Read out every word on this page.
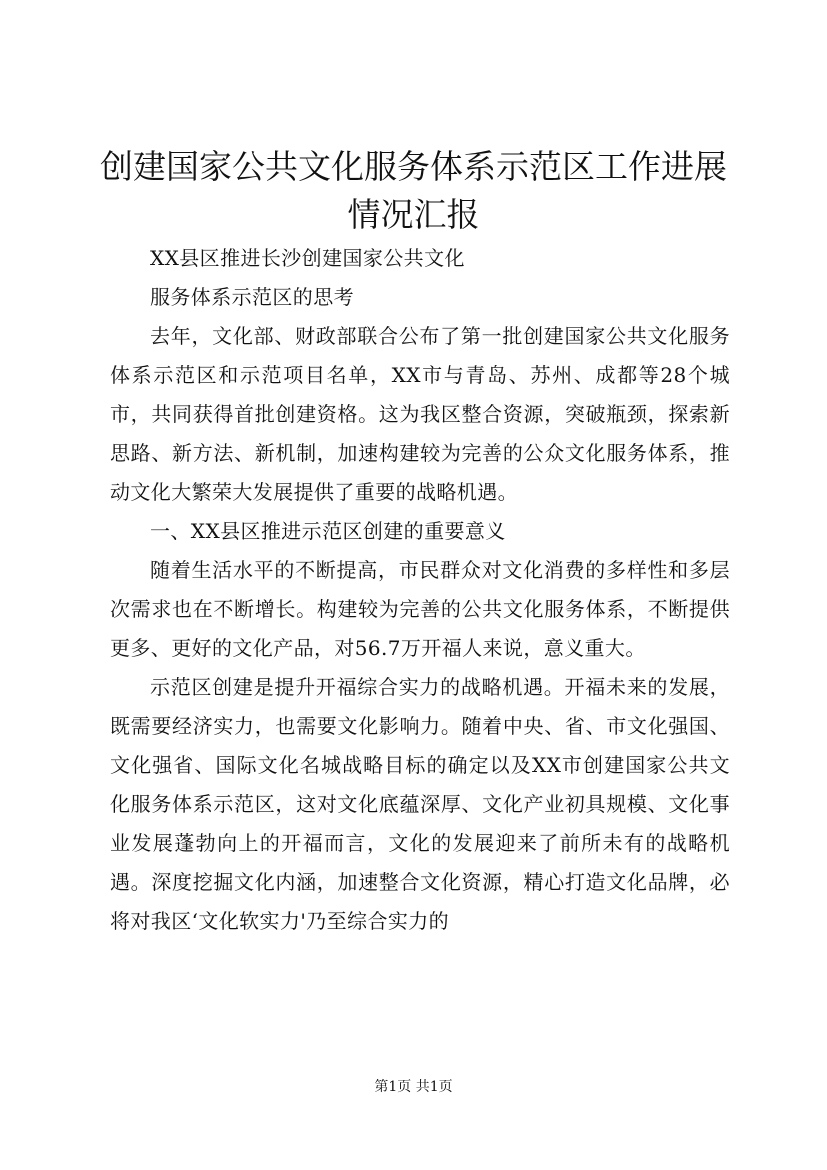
创建国家公共文化服务体系示范区工作进展情况汇报

XX县区推进长沙创建国家公共文化

服务体系示范区的思考

去年，文化部、财政部联合公布了第一批创建国家公共文化服务体系示范区和示范项目名单，XX市与青岛、苏州、成都等28个城市，共同获得首批创建资格。这为我区整合资源，突破瓶颈，探索新思路、新方法、新机制，加速构建较为完善的公众文化服务体系，推动文化大繁荣大发展提供了重要的战略机遇。

一、XX县区推进示范区创建的重要意义

随着生活水平的不断提高，市民群众对文化消费的多样性和多层次需求也在不断增长。构建较为完善的公共文化服务体系，不断提供更多、更好的文化产品，对56.7万开福人来说，意义重大。

示范区创建是提升开福综合实力的战略机遇。开福未来的发展，既需要经济实力，也需要文化影响力。随着中央、省、市文化强国、文化强省、国际文化名城战略目标的确定以及XX市创建国家公共文化服务体系示范区，这对文化底蕴深厚、文化产业初具规模、文化事业发展蓬勃向上的开福而言，文化的发展迎来了前所未有的战略机遇。深度挖掘文化内涵，加速整合文化资源，精心打造文化品牌，必将对我区‘文化软实力'乃至综合实力的

第1页 共1页
